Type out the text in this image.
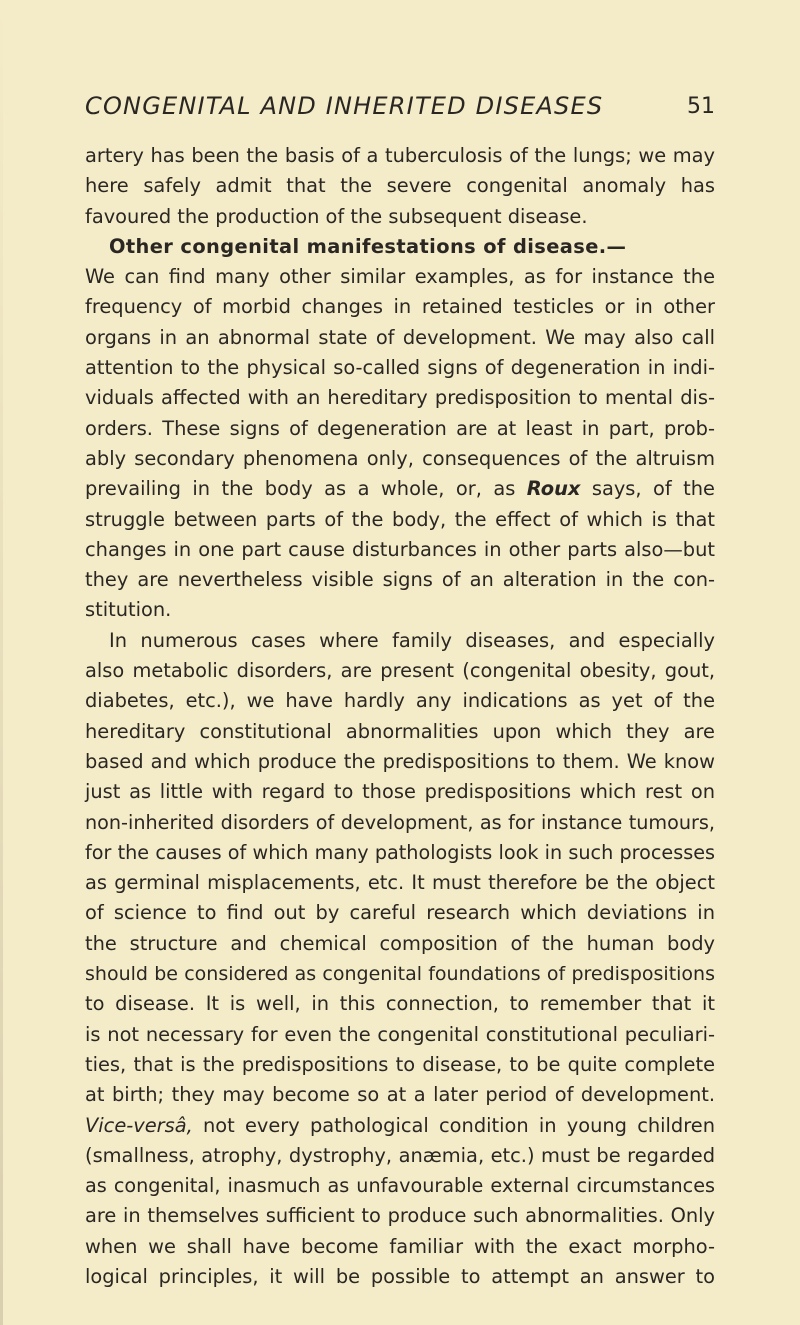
CONGENITAL AND INHERITED DISEASES	51
artery has been the basis of a tuberculosis of the lungs; we may
here safely admit that the severe congenital anomaly has
favoured the production of the subsequent disease.
Other congenital manifestations of disease.—
We can find many other similar examples, as for instance the
frequency of morbid changes in retained testicles or in other
organs in an abnormal state of development. We may also call
attention to the physical so-called signs of degeneration in indi-
viduals affected with an hereditary predisposition to mental dis-
orders. These signs of degeneration are at least in part, prob-
ably secondary phenomena only, consequences of the altruism
prevailing in the body as a whole, or, as Roux says, of the
struggle between parts of the body, the effect of which is that
changes in one part cause disturbances in other parts also—but
they are nevertheless visible signs of an alteration in the con-
stitution.
In numerous cases where family diseases, and especially
also metabolic disorders, are present (congenital obesity, gout,
diabetes, etc.), we have hardly any indications as yet of the
hereditary constitutional abnormalities upon which they are
based and which produce the predispositions to them. We know
just as little with regard to those predispositions which rest on
non-inherited disorders of development, as for instance tumours,
for the causes of which many pathologists look in such processes
as germinal misplacements, etc. It must therefore be the object
of science to find out by careful research which deviations in
the structure and chemical composition of the human body
should be considered as congenital foundations of predispositions
to disease. It is well, in this connection, to remember that it
is not necessary for even the congenital constitutional peculiari-
ties, that is the predispositions to disease, to be quite complete
at birth; they may become so at a later period of development.
Vice-versâ, not every pathological condition in young children
(smallness, atrophy, dystrophy, anæmia, etc.) must be regarded
as congenital, inasmuch as unfavourable external circumstances
are in themselves sufficient to produce such abnormalities. Only
when we shall have become familiar with the exact morpho-
logical principles, it will be possible to attempt an answer to
